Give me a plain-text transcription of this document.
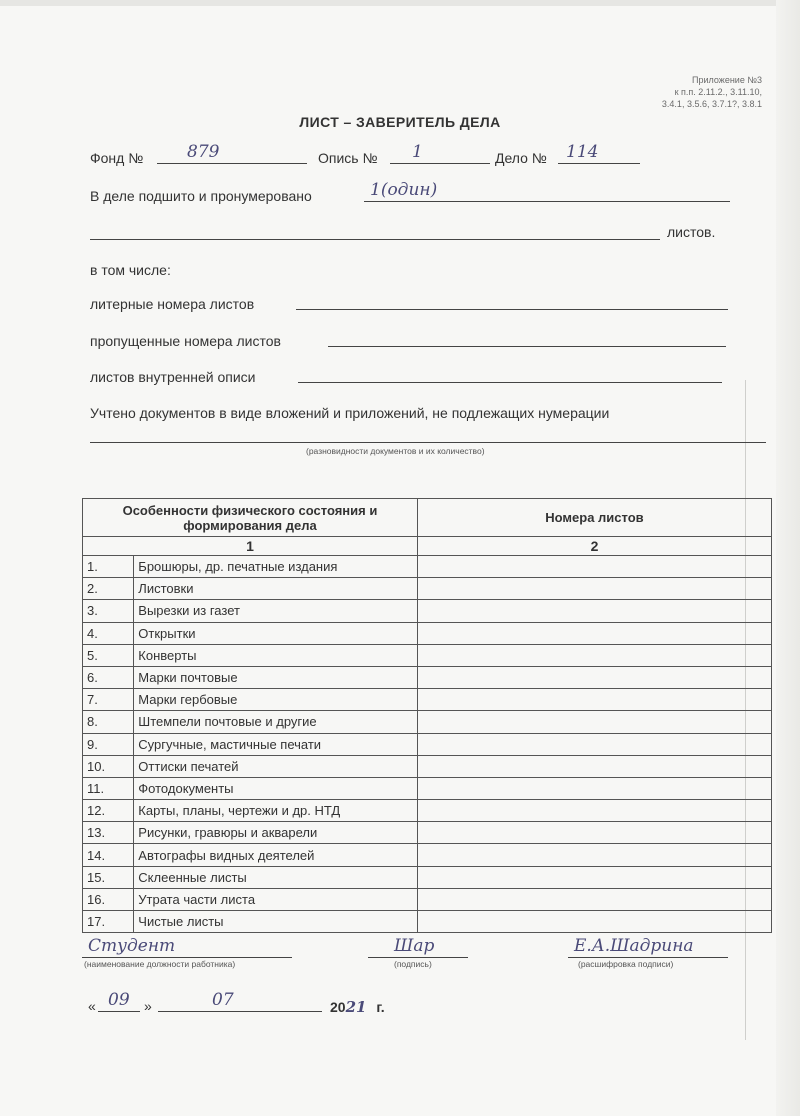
Приложение №3
к п.п. 2.11.2., 3.11.10,
3.4.1, 3.5.6, 3.7.1?, 3.8.1
ЛИСТ – ЗАВЕРИТЕЛЬ ДЕЛА
Фонд №	879	Опись № 1	Дело № 114
В деле подшито и пронумеровано	1(один)
листов.
в том числе:
литерные номера листов
пропущенные номера листов
листов внутренней описи
Учтено документов в виде вложений и приложений, не подлежащих нумерации
(разновидности документов и их количество)
Особенности физического состояния и формирования дела		Номера листов
1		2
1.	Брошюры, др. печатные издания	
2.	Листовки	
3.	Вырезки из газет	
4.	Открытки	
5.	Конверты	
6.	Марки почтовые	
7.	Марки гербовые	
8.	Штемпели почтовые и другие	
9.	Сургучные, мастичные печати	
10.	Оттиски печатей	
11.	Фотодокументы	
12.	Карты, планы, чертежи и др. НТД	
13.	Рисунки, гравюры и акварели	
14.	Автографы видных деятелей	
15.	Склеенные листы	
16.	Утрата части листа	
17.	Чистые листы	
Студент
(наименование должности работника)
Шар
(подпись)
Е.А.Шадрина
(расшифровка подписи)
« 09 »	07	2021 г.
